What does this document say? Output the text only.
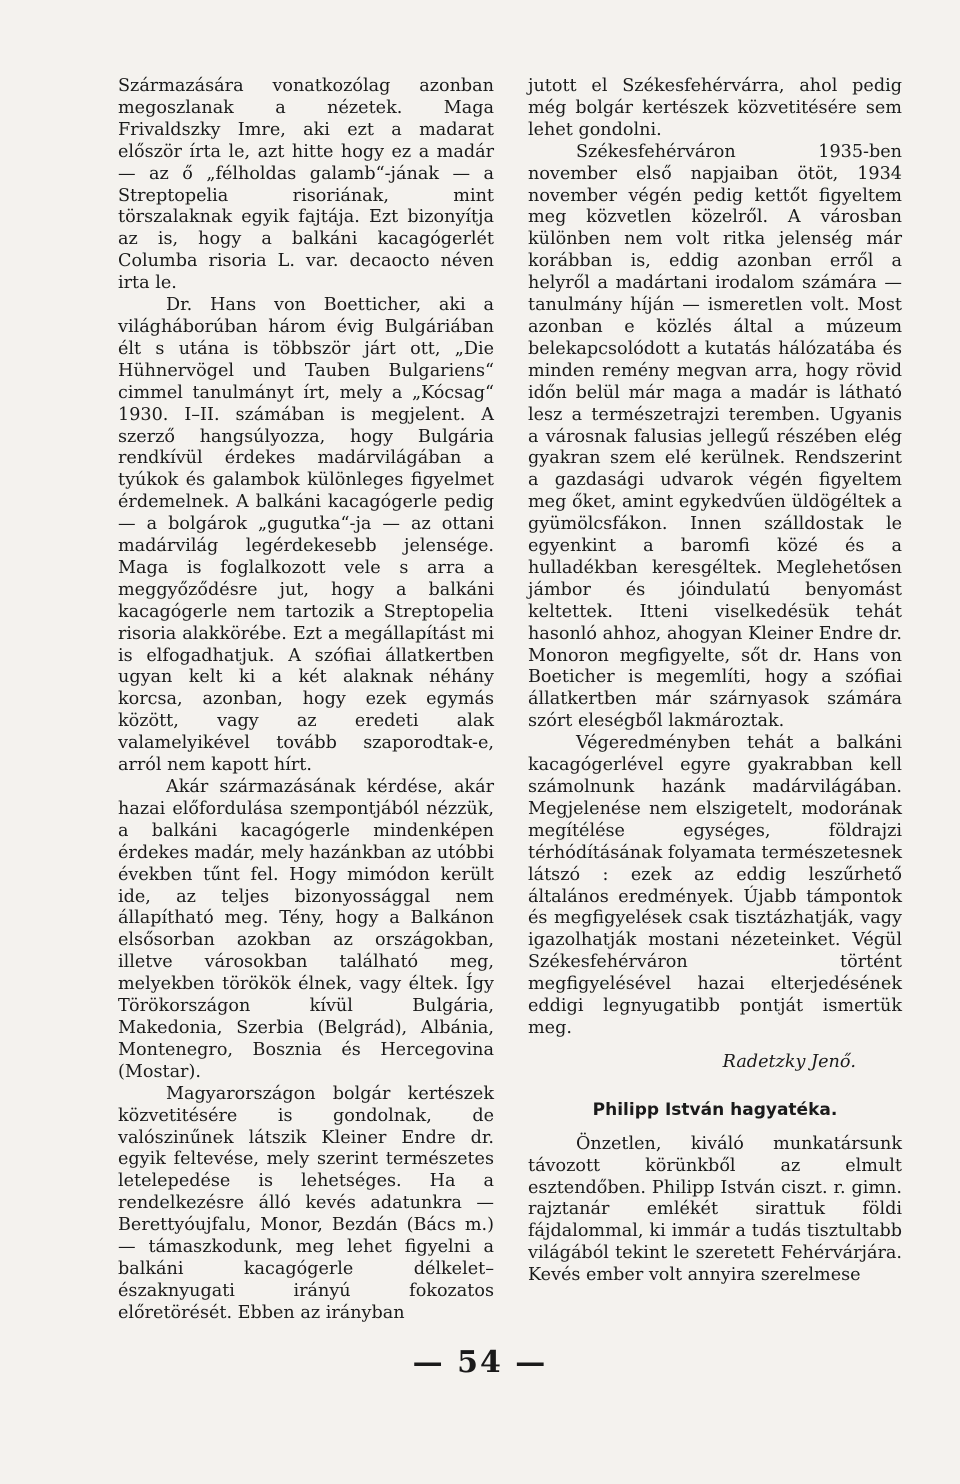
Származására vonatkozólag azonban megoszlanak a nézetek. Maga Frivaldszky Imre, aki ezt a madarat először írta le, azt hitte hogy ez a madár — az ő „félholdas galamb“-jának — a Streptopelia risoriának, mint törszalaknak egyik fajtája. Ezt bizonyítja az is, hogy a balkáni kacagógerlét Columba risoria L. var. decaocto néven irta le.

Dr. Hans von Boetticher, aki a világháborúban három évig Bulgáriában élt s utána is többször járt ott, „Die Hühnervögel und Tauben Bulgariens“ cimmel tanulmányt írt, mely a „Kócsag“ 1930. I–II. számában is megjelent. A szerző hangsúlyozza, hogy Bulgária rendkívül érdekes madárvilágában a tyúkok és galambok különleges figyelmet érdemelnek. A balkáni kacagógerle pedig — a bolgárok „gugutka“-ja — az ottani madárvilág legérdekesebb jelensége. Maga is foglalkozott vele s arra a meggyőződésre jut, hogy a balkáni kacagógerle nem tartozik a Streptopelia risoria alakkörébe. Ezt a megállapítást mi is elfogadhatjuk. A szófiai állatkertben ugyan kelt ki a két alaknak néhány korcsa, azonban, hogy ezek egymás között, vagy az eredeti alak valamelyikével tovább szaporodtak-e, arról nem kapott hírt.

Akár származásának kérdése, akár hazai előfordulása szempontjából nézzük, a balkáni kacagógerle mindenképen érdekes madár, mely hazánkban az utóbbi években tűnt fel. Hogy mimódon került ide, az teljes bizonyossággal nem állapítható meg. Tény, hogy a Balkánon elsősorban azokban az országokban, illetve városokban található meg, melyekben törökök élnek, vagy éltek. Így Törökországon kívül Bulgária, Makedonia, Szerbia (Belgrád), Albánia, Montenegro, Bosznia és Hercegovina (Mostar).

Magyarországon bolgár kertészek közvetitésére is gondolnak, de valószinűnek látszik Kleiner Endre dr. egyik feltevése, mely szerint természetes letelepedése is lehetséges. Ha a rendelkezésre álló kevés adatunkra — Berettyóujfalu, Monor, Bezdán (Bács m.) — támaszkodunk, meg lehet figyelni a balkáni kacagógerle délkelet–északnyugati irányú fokozatos előretörését. Ebben az irányban

jutott el Székesfehérvárra, ahol pedig még bolgár kertészek közvetitésére sem lehet gondolni.

Székesfehérváron 1935-ben november első napjaiban ötöt, 1934 november végén pedig kettőt figyeltem meg közvetlen közelről. A városban különben nem volt ritka jelenség már korábban is, eddig azonban erről a helyről a madártani irodalom számára — tanulmány híján — ismeretlen volt. Most azonban e közlés által a múzeum belekapcsolódott a kutatás hálózatába és minden remény megvan arra, hogy rövid időn belül már maga a madár is látható lesz a természetrajzi teremben. Ugyanis a városnak falusias jellegű részében elég gyakran szem elé kerülnek. Rendszerint a gazdasági udvarok végén figyeltem meg őket, amint egykedvűen üldögéltek a gyümölcsfákon. Innen szálldostak le egyenkint a baromfi közé és a hulladékban keresgéltek. Meglehetősen jámbor és jóindulatú benyomást keltettek. Itteni viselkedésük tehát hasonló ahhoz, ahogyan Kleiner Endre dr. Monoron megfigyelte, sőt dr. Hans von Boeticher is megemlíti, hogy a szófiai állatkertben már szárnyasok számára szórt eleségből lakmároztak.

Végeredményben tehát a balkáni kacagógerlével egyre gyakrabban kell számolnunk hazánk madárvilágában. Megjelenése nem elszigetelt, modorának megítélése egységes, földrajzi térhódításának folyamata természetesnek látszó : ezek az eddig leszűrhető általános eredmények. Újabb támpontok és megfigyelések csak tisztázhatják, vagy igazolhatják mostani nézeteinket. Végül Székesfehérváron történt megfigyelésével hazai elterjedésének eddigi legnyugatibb pontját ismertük meg.

Radetzky Jenő.

Philipp István hagyatéka.

Önzetlen, kiváló munkatársunk távozott körünkből az elmult esztendőben. Philipp István ciszt. r. gimn. rajztanár emlékét sirattuk földi fájdalommal, ki immár a tudás tisztultabb világából tekint le szeretett Fehérvárjára. Kevés ember volt annyira szerelmese

— 54 —
